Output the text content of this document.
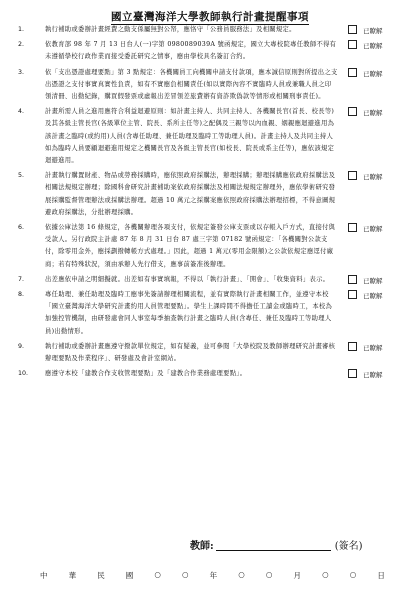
國立臺灣海洋大學教師執行計畫提醒事項
1.	執行補助或委辦計畫經費之動支係屬無對公帑，應恪守「公務員服務法」及相關規定。	已瞭解
2.	依教育部 98 年 7 月 13 日台人(一)字第 0980089039A 號函規定，國立大專校院專任教師不得有未遵循學校行政作業而接受委託研究之情事，應由學校具名簽訂合約。
已瞭解
3.	依「支出憑證處理要點」第 3 點規定：各機關員工向機關申請支付款項，應本誠信原則對所提出之支出憑證之支付事實真實性負責，如有不實應負相關責任(如以實際內容不實臨時人員或兼職人員之印領清冊、出勤紀錄，購買假發票或虛報出差冒領差旅費辦有資詐欺偽款等情形或相關刑事責任)。
已瞭解
4.	計畫所需人員之進用應符合利益迴避原則：如計畫主持人、共同主持人、各機關長官(首長、校長等)及其各級主管長官(各級單位主管、院長、系所主任等)之配偶及三親等以內血親、姻親應迴避進用為該計畫之臨時(或約用)人員(含專任助理、兼任助理及臨時工等助理人員)。計畫主持人及共同主持人如為臨時人員要顧迴避進用規定之機關長官及各級主管長官(如校長、院長或系主任等)，應依該規定迴避進用。
已瞭解
5.	計畫執行購置財產、物品或勞務採購時，應依照政府採購法，辦理採購；辦理採購應依政府採購法及相關法規規定辦理；除國科會研究計畫補助案依政府採購法及相關法規規定辦理外，應依學術研究發展採購監督管理辦法或採購法辦理。超過 10 萬元之採購案應依照政府採購法辦理招標，不得意圖規避政府採購法，分批辦理採購。
已瞭解
6.	依據公庫法第 16 條規定，各機關辦理各項支付，依規定簽發公庫支票或以存帳入戶方式，直接付與受款人。另行政院主計處 87 年 8 月 31 日台 87 處三字第 07182 號函規定：「各機關對公款支付，除零用金外，應採劃撥轉帳方式處理。」因此，超過 1 萬元(零用金限額)之公款依規定應逕付廠商；若有特殊狀況，須由承辦人先行借支，應事前簽准後辦理。
已瞭解
7.	出差應依申請之明細擬就。出差如有事實填報，不得以「執行計畫」、「開會」、「收集資料」表示。	已瞭解
8.	專任助理、兼任助理及臨時工應事先簽請辦理相關流程，並有實際執行計畫相關工作，並遵守本校「國立臺灣海洋大學研究計畫約用人員管理要點」。學生上課時間不得擔任工讀金或臨時工，本校為加強控管機制，由研發處會同人事室每季抽查執行計畫之臨時人員(含專任、兼任及臨時工等助理人員)出勤情形。
已瞭解
9.	執行補助或委辦計畫應遵守撥款單位規定，如有疑義，並可參閱「大學校院及教師辦理研究計畫審核辦理要點及作業程序」、研發處及會計室網站。
已瞭解
10.	應遵守本校「建教合作支收管理要點」及「建教合作業務處理要點」。	已瞭解
教師:	(簽名)
中	華	民	國	○	○	年	○	○	月	○	○	日
